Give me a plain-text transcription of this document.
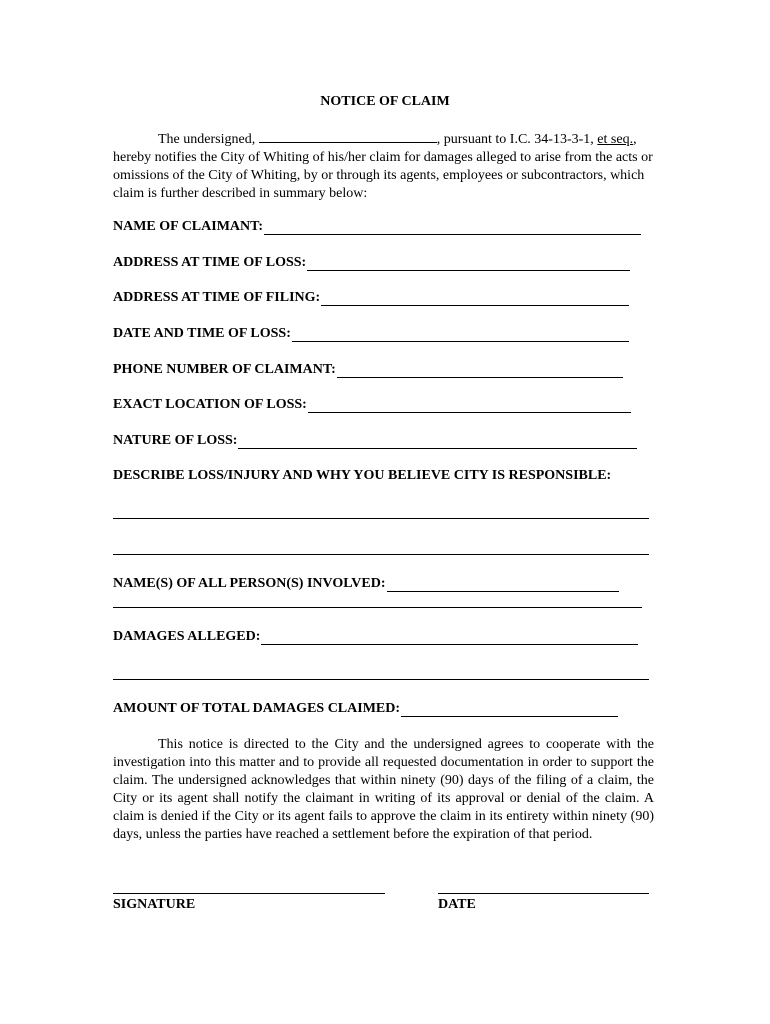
NOTICE OF CLAIM
The undersigned,	, pursuant to I.C. 34-13-3-1, et seq., hereby notifies the City of Whiting of his/her claim for damages alleged to arise from the acts or omissions of the City of Whiting, by or through its agents, employees or subcontractors, which claim is further described in summary below:
NAME OF CLAIMANT:
ADDRESS AT TIME OF LOSS:
ADDRESS AT TIME OF FILING:
DATE AND TIME OF LOSS:
PHONE NUMBER OF CLAIMANT:
EXACT LOCATION OF LOSS:
NATURE OF LOSS:
DESCRIBE LOSS/INJURY AND WHY YOU BELIEVE CITY IS RESPONSIBLE:
NAME(S) OF ALL PERSON(S) INVOLVED:
DAMAGES ALLEGED:
AMOUNT OF TOTAL DAMAGES CLAIMED:
This notice is directed to the City and the undersigned agrees to cooperate with the investigation into this matter and to provide all requested documentation in order to support the claim. The undersigned acknowledges that within ninety (90) days of the filing of a claim, the City or its agent shall notify the claimant in writing of its approval or denial of the claim. A claim is denied if the City or its agent fails to approve the claim in its entirety within ninety (90) days, unless the parties have reached a settlement before the expiration of that period.
SIGNATURE	DATE
